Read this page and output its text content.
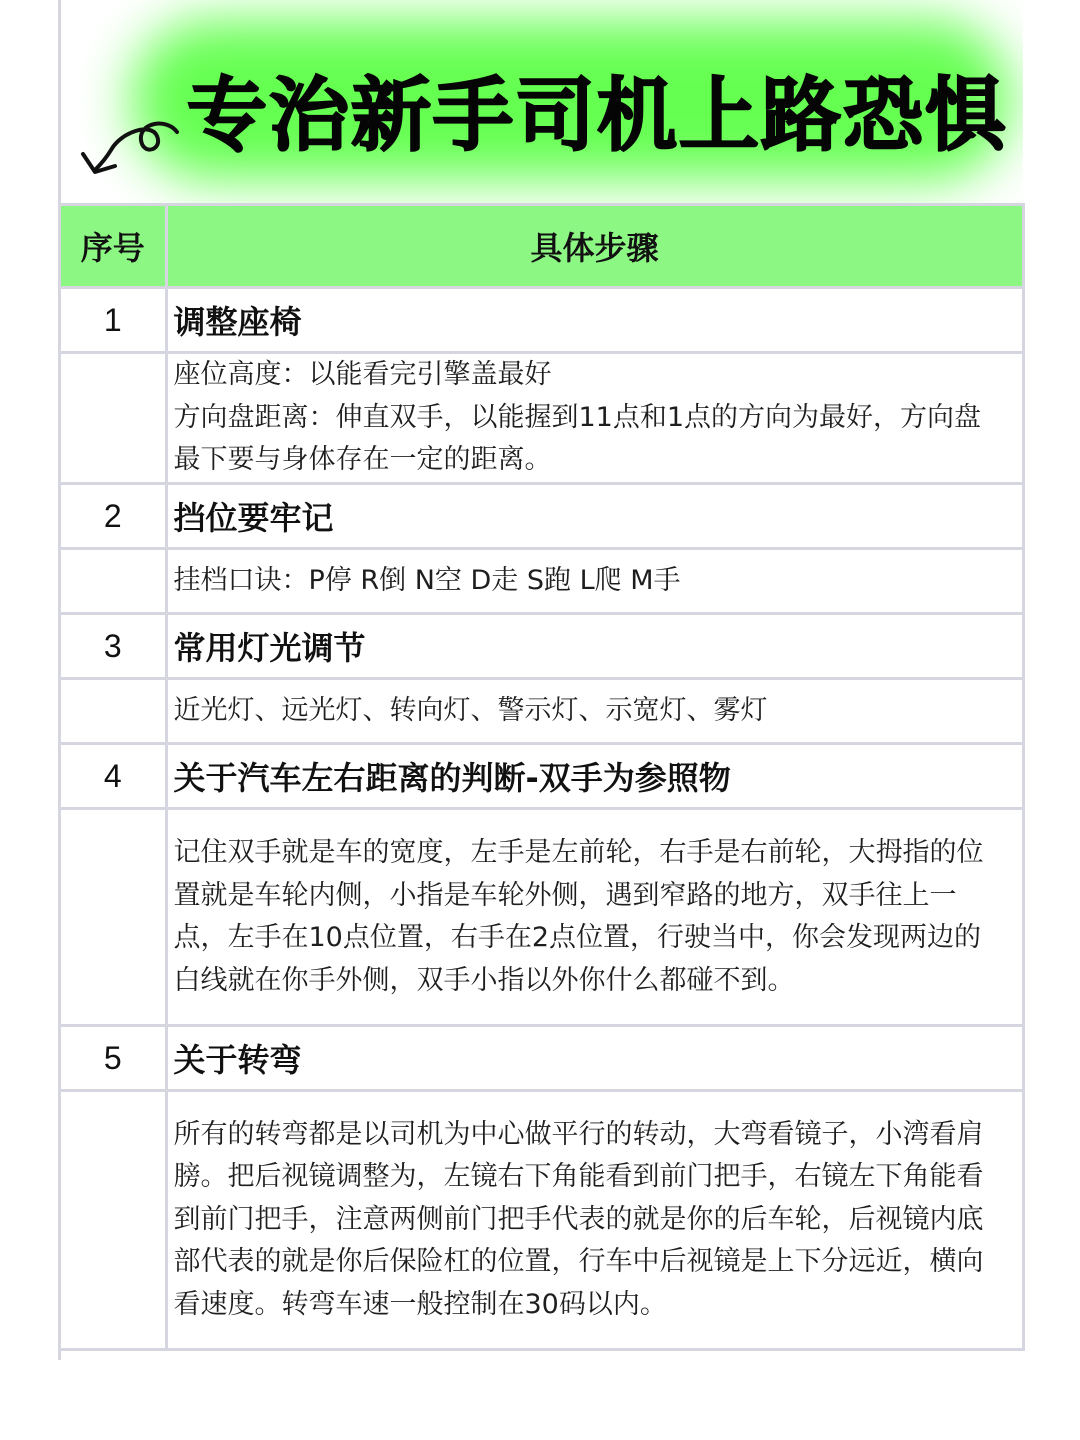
专治新手司机上路恐惧
序号	具体步骤
1	调整座椅

	座位高度：以能看完引擎盖最好
方向盘距离：伸直双手，以能握到11点和1点的方向为最好，方向盘
最下要与身体存在一定的距离。

2	挡位要牢记

	挂档口诀：P停 R倒 N空 D走 S跑 L爬 M手

3	常用灯光调节

	近光灯、远光灯、转向灯、警示灯、示宽灯、雾灯

4	关于汽车左右距离的判断-双手为参照物

	记住双手就是车的宽度，左手是左前轮，右手是右前轮，大拇指的位
置就是车轮内侧，小指是车轮外侧，遇到窄路的地方，双手往上一
点，左手在10点位置，右手在2点位置，行驶当中，你会发现两边的
白线就在你手外侧，双手小指以外你什么都碰不到。

5	关于转弯

	所有的转弯都是以司机为中心做平行的转动，大弯看镜子，小湾看肩
膀。把后视镜调整为，左镜右下角能看到前门把手，右镜左下角能看
到前门把手，注意两侧前门把手代表的就是你的后车轮，后视镜内底
部代表的就是你后保险杠的位置，行车中后视镜是上下分远近，横向
看速度。转弯车速一般控制在30码以内。
